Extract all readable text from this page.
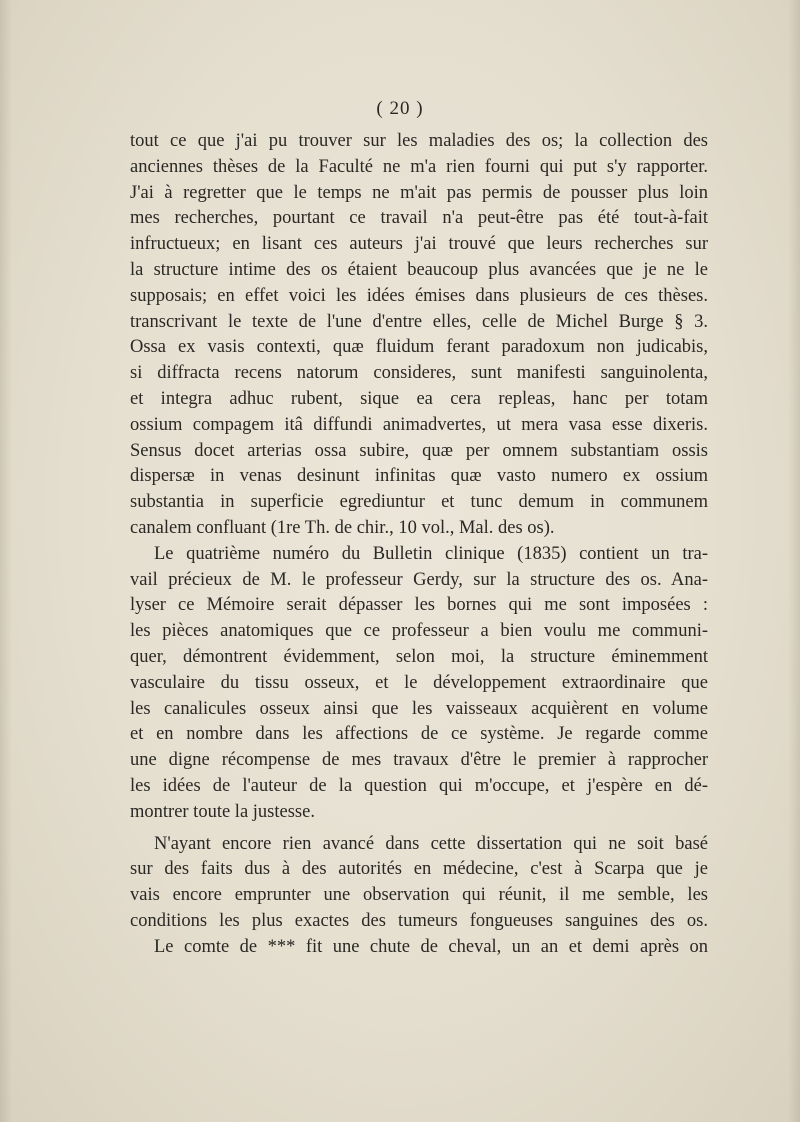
( 20 )
tout ce que j'ai pu trouver sur les maladies des os; la collection des
anciennes thèses de la Faculté ne m'a rien fourni qui put s'y rapporter.
J'ai à regretter que le temps ne m'ait pas permis de pousser plus loin
mes recherches, pourtant ce travail n'a peut-être pas été tout-à-fait
infructueux; en lisant ces auteurs j'ai trouvé que leurs recherches sur
la structure intime des os étaient beaucoup plus avancées que je ne le
supposais; en effet voici les idées émises dans plusieurs de ces thèses.
transcrivant le texte de l'une d'entre elles, celle de Michel Burge § 3.
Ossa ex vasis contexti, quæ fluidum ferant paradoxum non judicabis,
si diffracta recens natorum consideres, sunt manifesti sanguinolenta,
et integra adhuc rubent, sique ea cera repleas, hanc per totam
ossium compagem itâ diffundi animadvertes, ut mera vasa esse dixeris.
Sensus docet arterias ossa subire, quæ per omnem substantiam ossis
dispersæ in venas desinunt infinitas quæ vasto numero ex ossium
substantia in superficie egrediuntur et tunc demum in communem
canalem confluant (1re Th. de chir., 10 vol., Mal. des os).
Le quatrième numéro du Bulletin clinique (1835) contient un tra-
vail précieux de M. le professeur Gerdy, sur la structure des os. Ana-
lyser ce Mémoire serait dépasser les bornes qui me sont imposées :
les pièces anatomiques que ce professeur a bien voulu me communi-
quer, démontrent évidemment, selon moi, la structure éminemment
vasculaire du tissu osseux, et le développement extraordinaire que
les canalicules osseux ainsi que les vaisseaux acquièrent en volume
et en nombre dans les affections de ce système. Je regarde comme
une digne récompense de mes travaux d'être le premier à rapprocher
les idées de l'auteur de la question qui m'occupe, et j'espère en dé-
montrer toute la justesse.
N'ayant encore rien avancé dans cette dissertation qui ne soit basé
sur des faits dus à des autorités en médecine, c'est à Scarpa que je
vais encore emprunter une observation qui réunit, il me semble, les
conditions les plus exactes des tumeurs fongueuses sanguines des os.
Le comte de *** fit une chute de cheval, un an et demi après on
